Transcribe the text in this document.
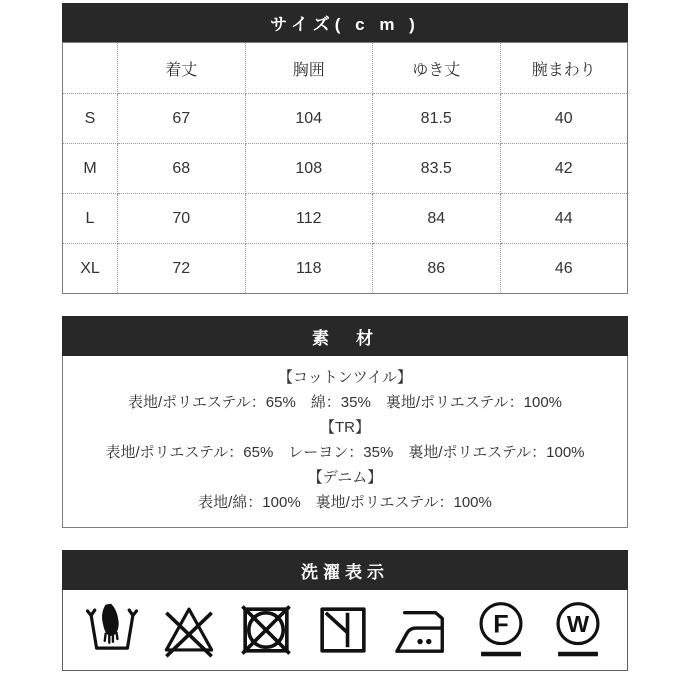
サイズ( c m )
	着丈	胸囲	ゆき丈	腕まわり
S	67	104	81.5	40
M	68	108	83.5	42
L	70	112	84	44
XL	72	118	86	46
素　材
【コットンツイル】
表地/ポリエステル：65%　綿：35%　裏地/ポリエステル：100%
【TR】
表地/ポリエステル：65%　レーヨン：35%　裏地/ポリエステル：100%
【デニム】
表地/綿：100%　裏地/ポリエステル：100%
洗濯表示
F W
